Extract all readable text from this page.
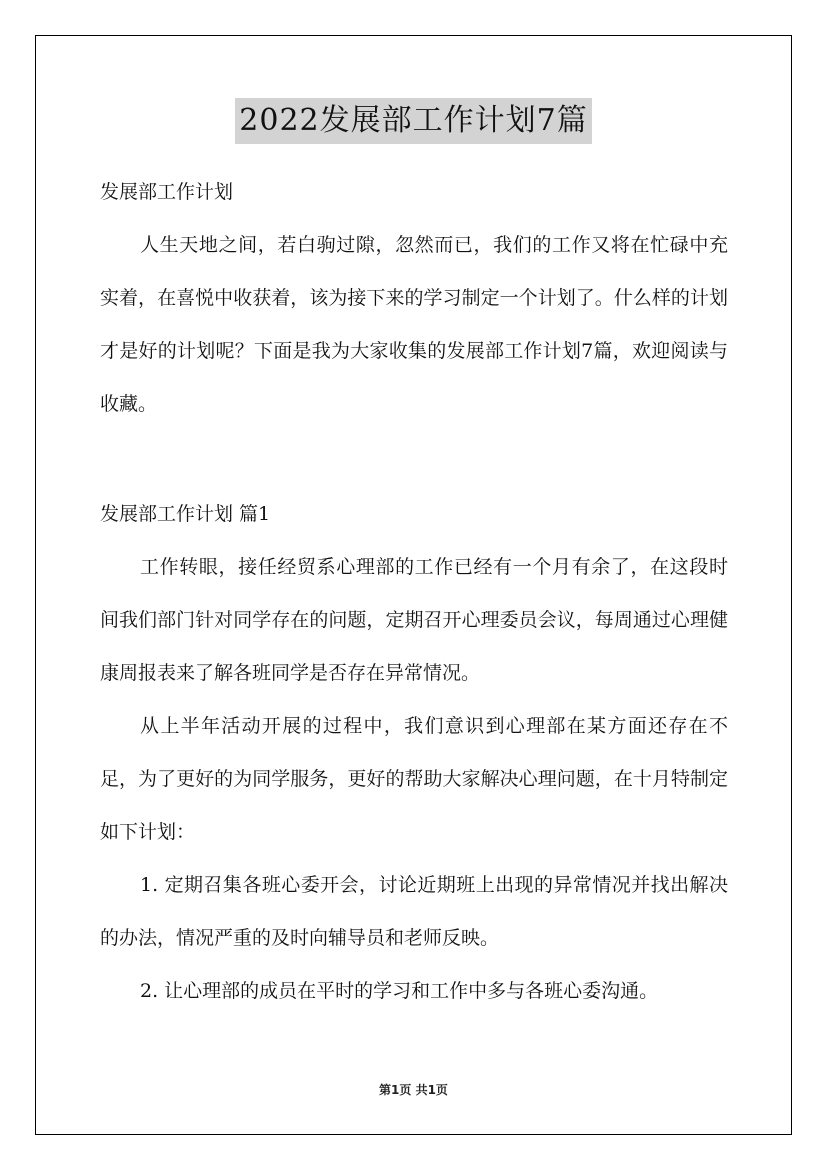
2022发展部工作计划7篇

发展部工作计划

人生天地之间，若白驹过隙，忽然而已，我们的工作又将在忙碌中充实着，在喜悦中收获着，该为接下来的学习制定一个计划了。什么样的计划才是好的计划呢？下面是我为大家收集的发展部工作计划7篇，欢迎阅读与收藏。

发展部工作计划 篇1

工作转眼，接任经贸系心理部的工作已经有一个月有余了，在这段时间我们部门针对同学存在的问题，定期召开心理委员会议，每周通过心理健康周报表来了解各班同学是否存在异常情况。

从上半年活动开展的过程中，我们意识到心理部在某方面还存在不足，为了更好的为同学服务，更好的帮助大家解决心理问题，在十月特制定如下计划：

1. 定期召集各班心委开会，讨论近期班上出现的异常情况并找出解决的办法，情况严重的及时向辅导员和老师反映。

2. 让心理部的成员在平时的学习和工作中多与各班心委沟通。

第1页 共1页
